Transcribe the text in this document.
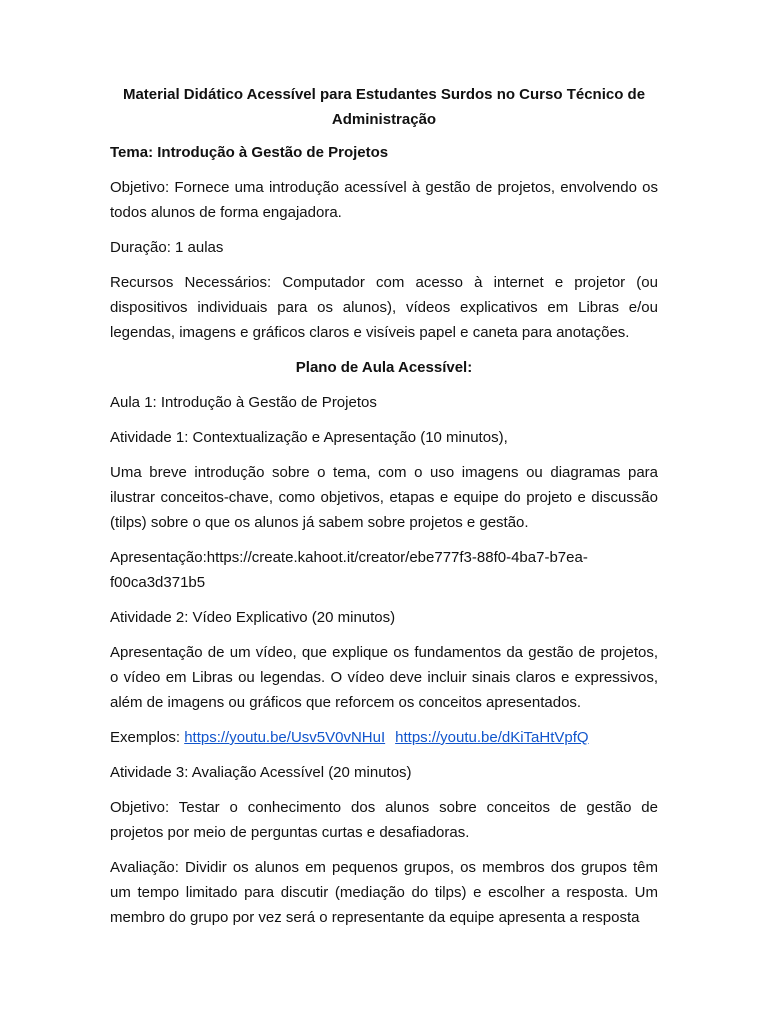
Material Didático Acessível para Estudantes Surdos no Curso Técnico de
Administração

Tema: Introdução à Gestão de Projetos

Objetivo: Fornece uma introdução acessível à gestão de projetos, envolvendo os todos alunos de forma engajadora.

Duração: 1 aulas

Recursos Necessários: Computador com acesso à internet e projetor (ou dispositivos individuais para os alunos), vídeos explicativos em Libras e/ou legendas, imagens e gráficos claros e visíveis papel e caneta para anotações.

Plano de Aula Acessível:

Aula 1: Introdução à Gestão de Projetos

Atividade 1: Contextualização e Apresentação (10 minutos),

Uma breve introdução sobre o tema, com o uso imagens ou diagramas para ilustrar conceitos-chave, como objetivos, etapas e equipe do projeto e discussão (tilps) sobre o que os alunos já sabem sobre projetos e gestão.

Apresentação:https://create.kahoot.it/creator/ebe777f3-88f0-4ba7-b7ea-
f00ca3d371b5

Atividade 2: Vídeo Explicativo (20 minutos)

Apresentação de um vídeo, que explique os fundamentos da gestão de projetos, o vídeo em Libras ou legendas. O vídeo deve incluir sinais claros e expressivos, além de imagens ou gráficos que reforcem os conceitos apresentados.

Exemplos: https://youtu.be/Usv5V0vNHuI https://youtu.be/dKiTaHtVpfQ

Atividade 3: Avaliação Acessível (20 minutos)

Objetivo: Testar o conhecimento dos alunos sobre conceitos de gestão de projetos por meio de perguntas curtas e desafiadoras.

Avaliação: Dividir os alunos em pequenos grupos, os membros dos grupos têm um tempo limitado para discutir (mediação do tilps) e escolher a resposta. Um membro do grupo por vez será o representante da equipe apresenta a resposta
